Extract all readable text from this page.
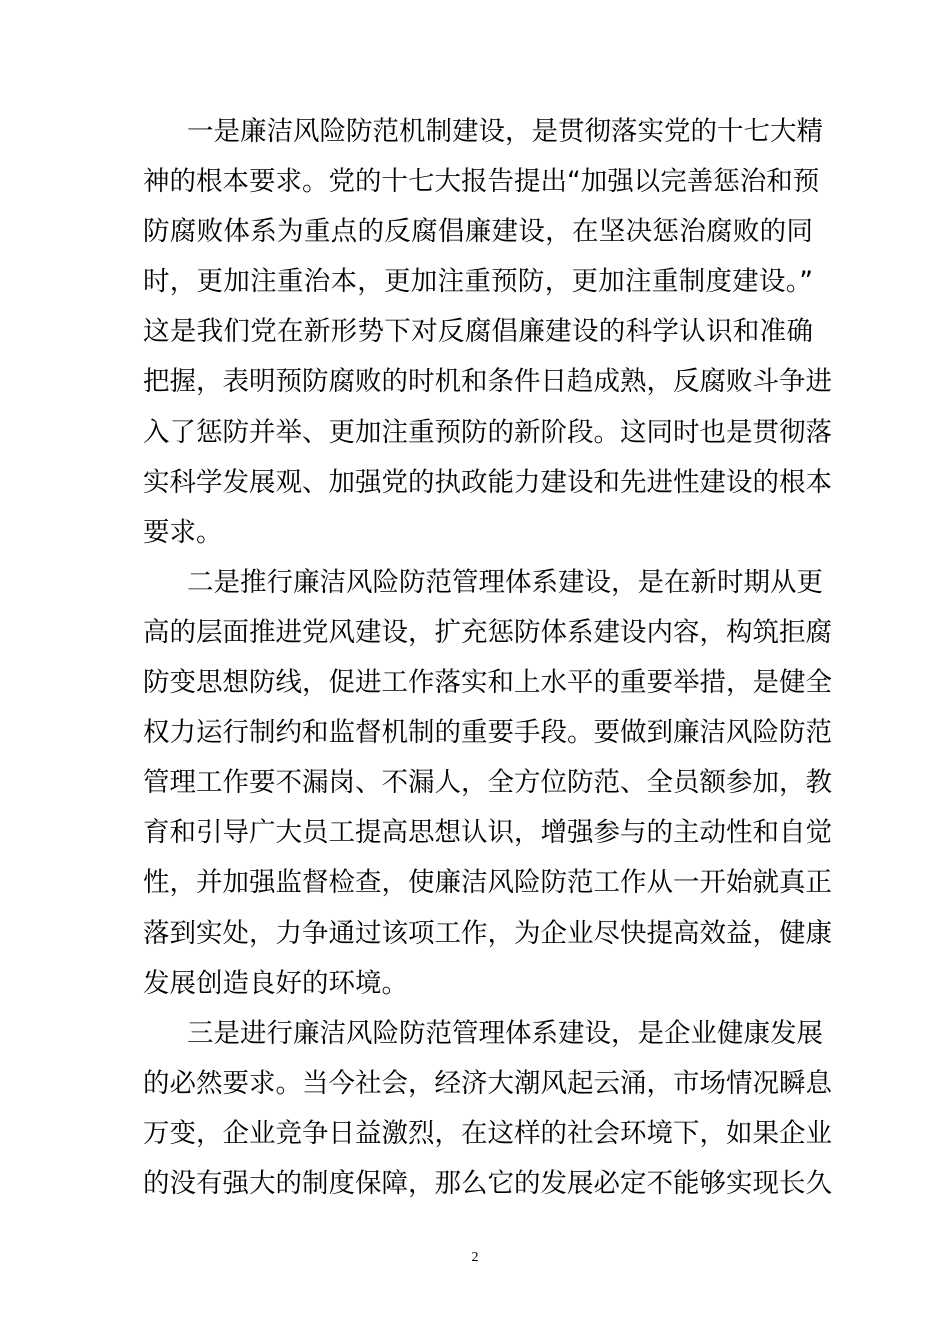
一是廉洁风险防范机制建设，是贯彻落实党的十七大精
神的根本要求。党的十七大报告提出“加强以完善惩治和预
防腐败体系为重点的反腐倡廉建设，在坚决惩治腐败的同
时，更加注重治本，更加注重预防，更加注重制度建设。”
这是我们党在新形势下对反腐倡廉建设的科学认识和准确
把握，表明预防腐败的时机和条件日趋成熟，反腐败斗争进
入了惩防并举、更加注重预防的新阶段。这同时也是贯彻落
实科学发展观、加强党的执政能力建设和先进性建设的根本
要求。
二是推行廉洁风险防范管理体系建设，是在新时期从更
高的层面推进党风建设，扩充惩防体系建设内容，构筑拒腐
防变思想防线，促进工作落实和上水平的重要举措，是健全
权力运行制约和监督机制的重要手段。要做到廉洁风险防范
管理工作要不漏岗、不漏人，全方位防范、全员额参加，教
育和引导广大员工提高思想认识，增强参与的主动性和自觉
性，并加强监督检查，使廉洁风险防范工作从一开始就真正
落到实处，力争通过该项工作，为企业尽快提高效益，健康
发展创造良好的环境。
三是进行廉洁风险防范管理体系建设，是企业健康发展
的必然要求。当今社会，经济大潮风起云涌，市场情况瞬息
万变，企业竞争日益激烈，在这样的社会环境下，如果企业
的没有强大的制度保障，那么它的发展必定不能够实现长久
2
